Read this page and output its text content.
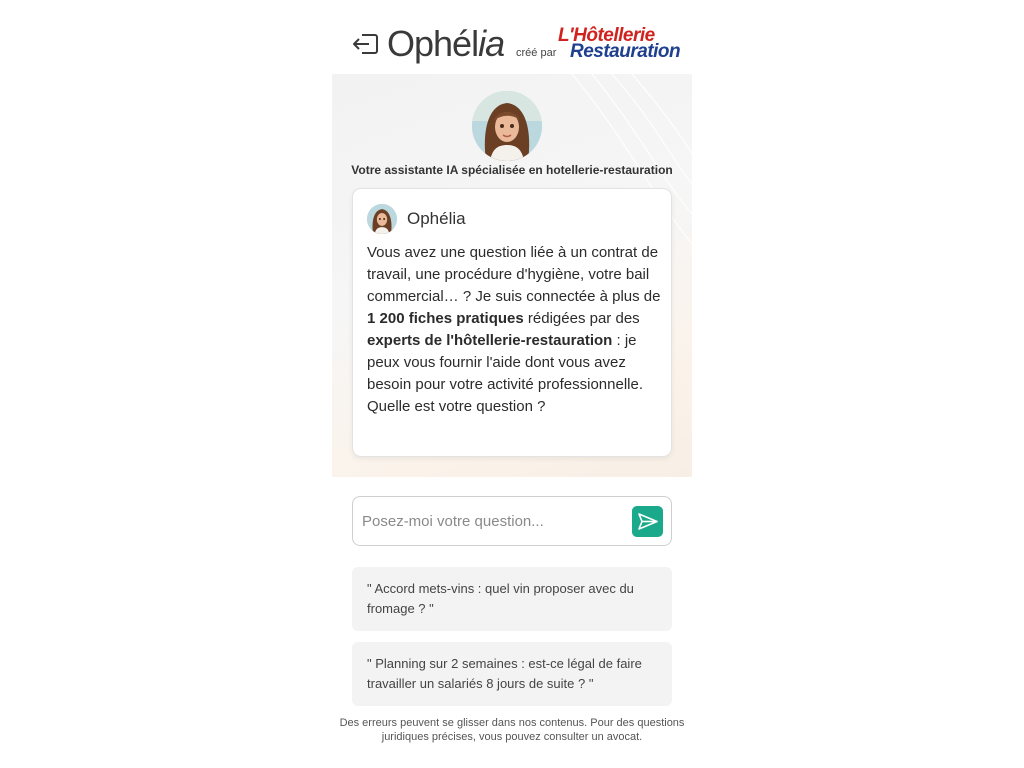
Ophélia créé par
L'Hôtellerie
Restauration
Votre assistante IA spécialisée en hotellerie-restauration
Ophélia
Vous avez une question liée à un contrat de travail, une procédure d'hygiène, votre bail commercial… ? Je suis connectée à plus de 1 200 fiches pratiques rédigées par des experts de l'hôtellerie-restauration : je peux vous fournir l'aide dont vous avez besoin pour votre activité professionnelle. Quelle est votre question ?
Posez-moi votre question...
" Accord mets-vins : quel vin proposer avec du fromage ? "
" Planning sur 2 semaines : est-ce légal de faire travailler un salariés 8 jours de suite ? "
Des erreurs peuvent se glisser dans nos contenus. Pour des questions juridiques précises, vous pouvez consulter un avocat.
